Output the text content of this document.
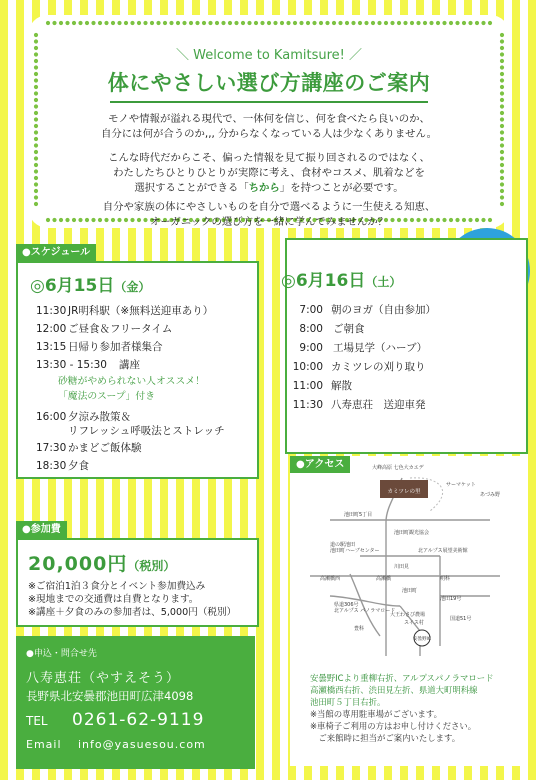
＼ Welcome to Kamitsure! ／
体にやさしい選び方講座のご案内
モノや情報が溢れる現代で、一体何を信じ、何を食べたら良いのか、
自分には何が合うのか,,, 分からなくなっている人は少なくありません。
こんな時代だからこそ、偏った情報を見て振り回されるのではなく、
わたしたちひとりひとりが実際に考え、食材やコスメ、肌着などを
選択することができる「ちから」を持つことが必要です。
自分や家族の体にやさしいものを自分で選べるように一生使える知恵、
オーガニックの選び方を一緒に学んでみませんか？
●スケジュール
◎6月15日（金）
11:30 JR明科駅（※無料送迎車あり）
12:00 ご昼食＆フリータイム
13:15 日帰り参加者様集合
13:30 - 15:30 講座
砂糖がやめられない人オススメ！
「魔法のスープ」付き
16:00 夕涼み散策＆
リフレッシュ呼吸法とストレッチ
17:30 かまどご飯体験
18:30 夕食
◎6月16日（土）
7:00 朝のヨガ（自由参加）
8:00 ご朝食
9:00 工場見学（ハーブ）
10:00 カミツレの刈り取り
11:00 解散
11:30 八寿恵荘　送迎車発
●参加費
20,000円（税別）
※ご宿泊1泊３食分とイベント参加費込み
※現地までの交通費は自費となります。
※講座＋夕食のみの参加者は、5,000円（税別）
●申込・問合せ先
八寿恵荘（やすえそう）
長野県北安曇郡池田町広津4098
TEL 0261-62-9119
Email info@yasuesou.com
●アクセス
カミツレの里
大峰高原 七色大カエデ
サーマケット
あづみ野
池田町5丁目
池田町観光協会
道の駅池田
池田町ハーブセンター	北アルプス展望美術館
川田見
高瀬橋西	高瀬橋	明科
池田19号
池田町
県道306号
北アルプス パノラマロード
大王わさび農場
スイス村
豊科
国道51号
安曇野IC
安曇野ICより重柳右折、アルプスパノラマロード
高瀬橋西右折、渋田見左折、県道大町明科線
池田町５丁目右折。
※当館の専用駐車場がございます。
※車椅子ご利用の方はお申し付けください。
　ご来館時に担当がご案内いたします。
